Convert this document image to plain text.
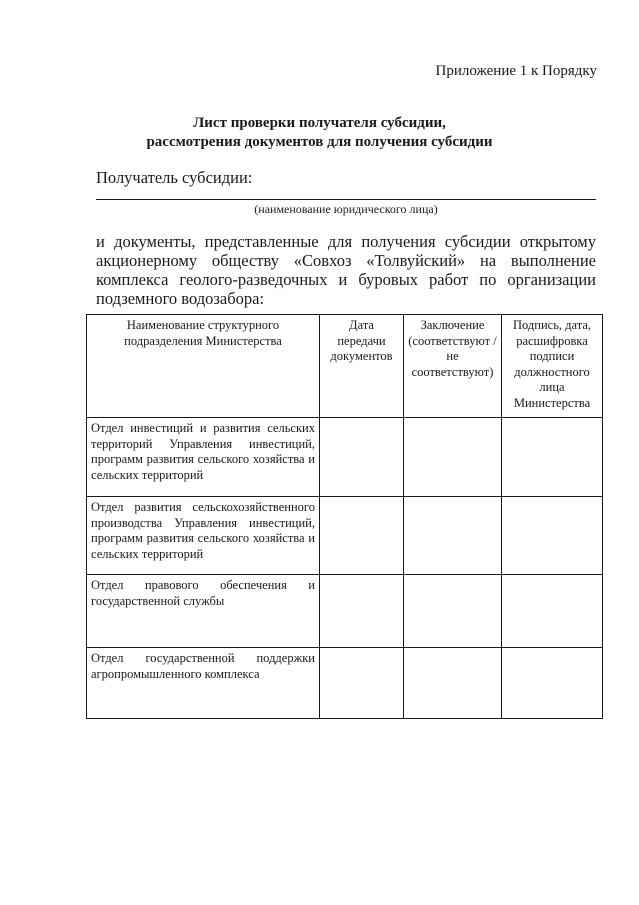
Приложение 1 к Порядку
Лист проверки получателя субсидии,
рассмотрения документов для получения субсидии
Получатель субсидии:
(наименование юридического лица)
и документы, представленные для получения субсидии открытому акционерному обществу «Совхоз «Толвуйский» на выполнение комплекса геолого-разведочных и буровых работ по организации подземного водозабора:
Наименование структурного подразделения Министерства	Дата передачи документов	Заключение (соответствуют / не соответствуют)	Подпись, дата, расшифровка подписи должностного лица Министерства
Отдел инвестиций и развития сельских территорий Управления инвестиций, программ развития сельского хозяйства и сельских территорий			
Отдел развития сельскохозяйственного производства Управления инвестиций, программ развития сельского хозяйства и сельских территорий			
Отдел правового обеспечения и государственной службы			
Отдел государственной поддержки агропромышленного комплекса			
